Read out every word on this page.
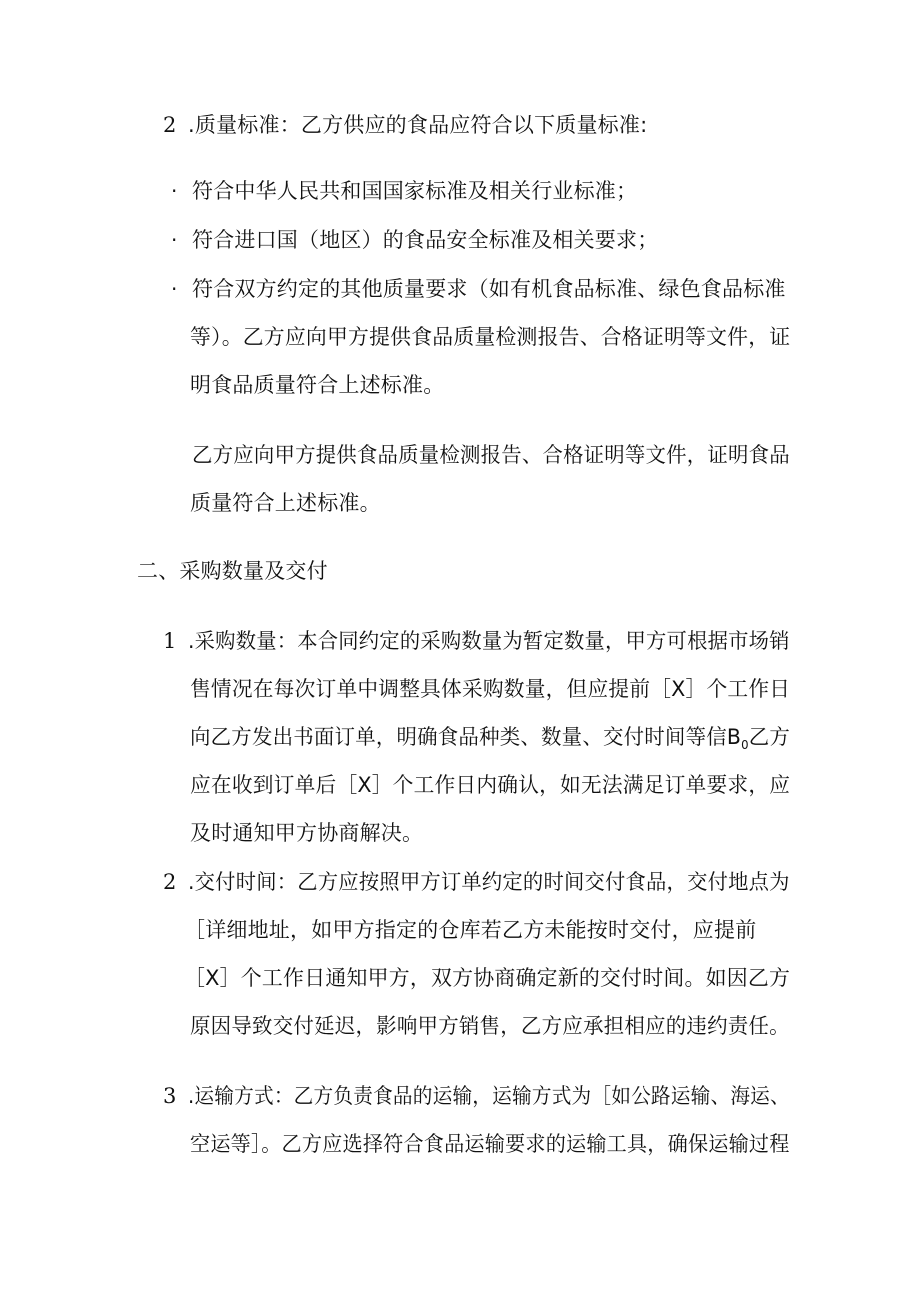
2 .质量标准：乙方供应的食品应符合以下质量标准:
· 符合中华人民共和国国家标准及相关行业标准；
· 符合进口国（地区）的食品安全标准及相关要求；
· 符合双方约定的其他质量要求（如有机食品标准、绿色食品标准
等）。乙方应向甲方提供食品质量检测报告、合格证明等文件，证
明食品质量符合上述标准。
乙方应向甲方提供食品质量检测报告、合格证明等文件，证明食品
质量符合上述标准。
二、采购数量及交付
1 .采购数量：本合同约定的采购数量为暂定数量，甲方可根据市场销
售情况在每次订单中调整具体采购数量，但应提前［X］个工作日
向乙方发出书面订单，明确食品种类、数量、交付时间等信$B_0$乙方
应在收到订单后［X］个工作日内确认，如无法满足订单要求，应
及时通知甲方协商解决。
2 .交付时间：乙方应按照甲方订单约定的时间交付食品，交付地点为
［详细地址，如甲方指定的仓库若乙方未能按时交付，应提前
［X］个工作日通知甲方，双方协商确定新的交付时间。如因乙方
原因导致交付延迟，影响甲方销售，乙方应承担相应的违约责任。
3 .运输方式：乙方负责食品的运输，运输方式为［如公路运输、海运、
空运等］。乙方应选择符合食品运输要求的运输工具，确保运输过程
